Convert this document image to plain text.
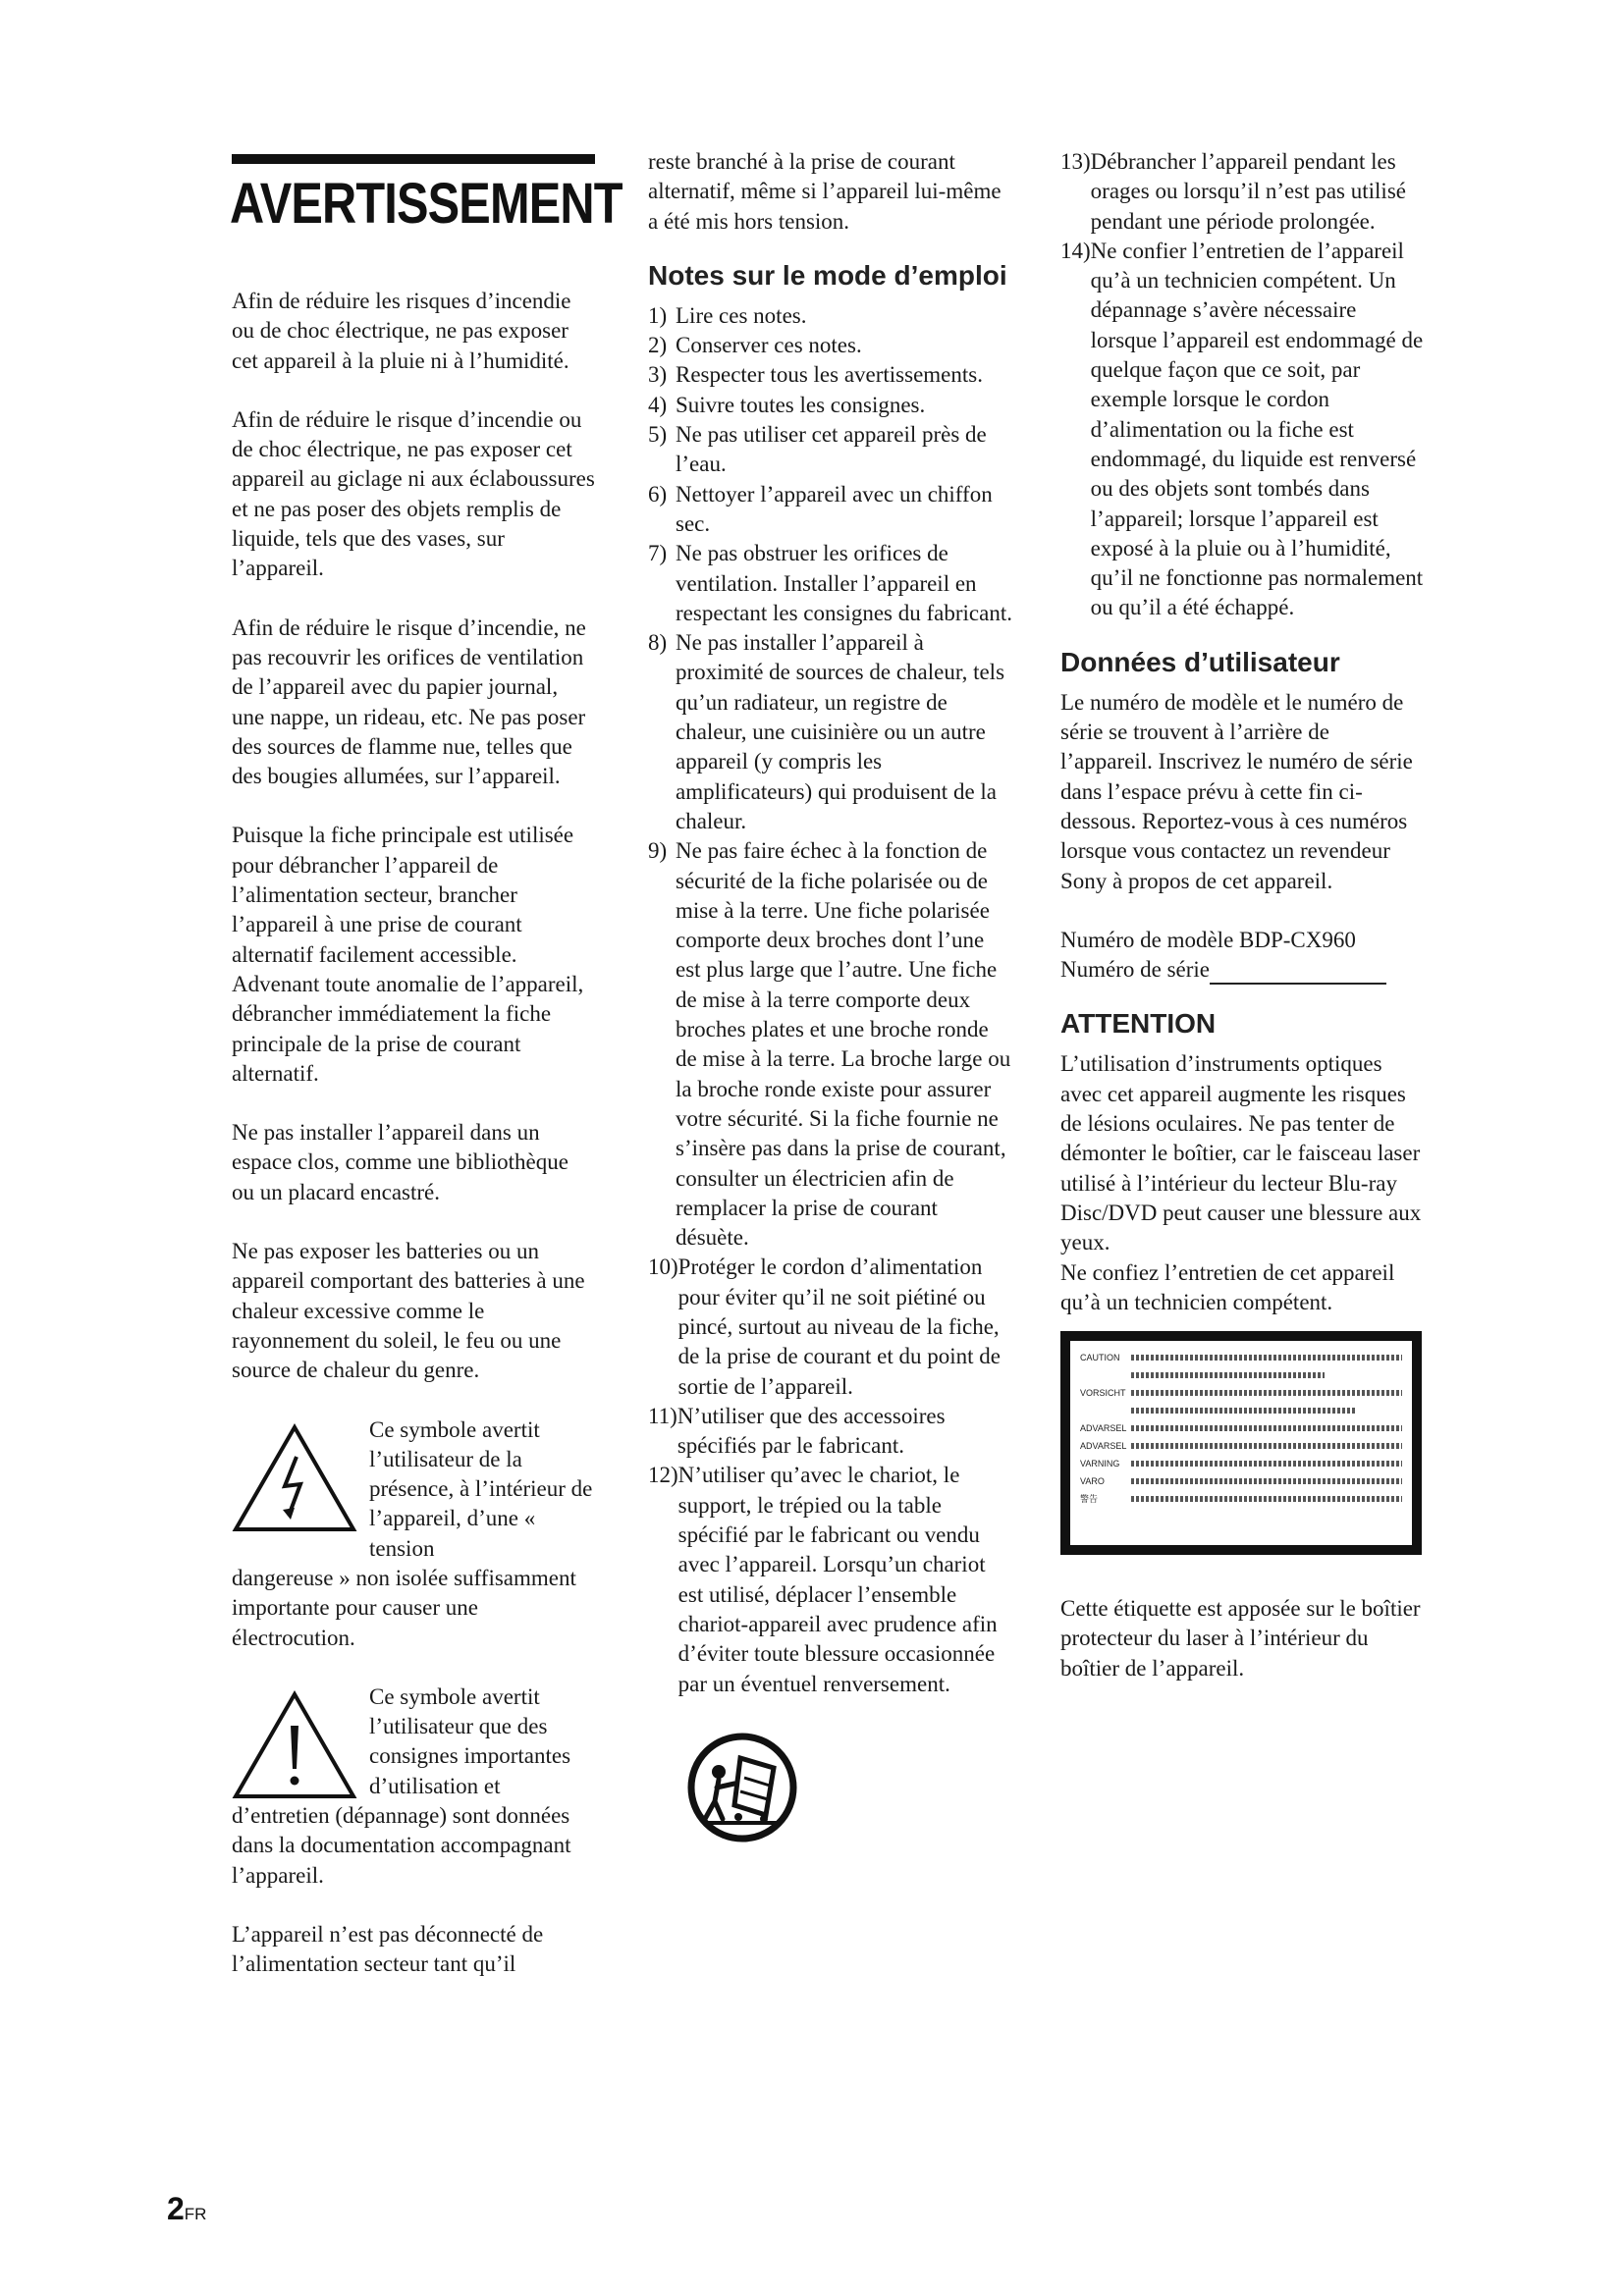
AVERTISSEMENT

Afin de réduire les risques d’incendie ou de choc électrique, ne pas exposer cet appareil à la pluie ni à l’humidité.

Afin de réduire le risque d’incendie ou de choc électrique, ne pas exposer cet appareil au giclage ni aux éclaboussures et ne pas poser des objets remplis de liquide, tels que des vases, sur l’appareil.

Afin de réduire le risque d’incendie, ne pas recouvrir les orifices de ventilation de l’appareil avec du papier journal, une nappe, un rideau, etc. Ne pas poser des sources de flamme nue, telles que des bougies allumées, sur l’appareil.

Puisque la fiche principale est utilisée pour débrancher l’appareil de l’alimentation secteur, brancher l’appareil à une prise de courant alternatif facilement accessible. Advenant toute anomalie de l’appareil, débrancher immédiatement la fiche principale de la prise de courant alternatif.

Ne pas installer l’appareil dans un espace clos, comme une bibliothèque ou un placard encastré.

Ne pas exposer les batteries ou un appareil comportant des batteries à une chaleur excessive comme le rayonnement du soleil, le feu ou une source de chaleur du genre.

Ce symbole avertit l’utilisateur de la présence, à l’intérieur de l’appareil, d’une « tension

dangereuse » non isolée suffisamment importante pour causer une électrocution.

Ce symbole avertit l’utilisateur que des consignes importantes d’utilisation et

d’entretien (dépannage) sont données dans la documentation accompagnant l’appareil.

L’appareil n’est pas déconnecté de l’alimentation secteur tant qu’il

reste branché à la prise de courant alternatif, même si l’appareil lui-même a été mis hors tension.

Notes sur le mode d’emploi
1) Lire ces notes.
2) Conserver ces notes.
3) Respecter tous les avertissements.
4) Suivre toutes les consignes.
5) Ne pas utiliser cet appareil près de l’eau.
6) Nettoyer l’appareil avec un chiffon sec.
7) Ne pas obstruer les orifices de ventilation. Installer l’appareil en respectant les consignes du fabricant.
8) Ne pas installer l’appareil à proximité de sources de chaleur, tels qu’un radiateur, un registre de chaleur, une cuisinière ou un autre appareil (y compris les amplificateurs) qui produisent de la chaleur.
9) Ne pas faire échec à la fonction de sécurité de la fiche polarisée ou de mise à la terre. Une fiche polarisée comporte deux broches dont l’une est plus large que l’autre. Une fiche de mise à la terre comporte deux broches plates et une broche ronde de mise à la terre. La broche large ou la broche ronde existe pour assurer votre sécurité. Si la fiche fournie ne s’insère pas dans la prise de courant, consulter un électricien afin de remplacer la prise de courant désuète.
10) Protéger le cordon d’alimentation pour éviter qu’il ne soit piétiné ou pincé, surtout au niveau de la fiche, de la prise de courant et du point de sortie de l’appareil.
11) N’utiliser que des accessoires spécifiés par le fabricant.
12) N’utiliser qu’avec le chariot, le support, le trépied ou la table spécifié par le fabricant ou vendu avec l’appareil. Lorsqu’un chariot est utilisé, déplacer l’ensemble chariot-appareil avec prudence afin d’éviter toute blessure occasionnée par un éventuel renversement.
13) Débrancher l’appareil pendant les orages ou lorsqu’il n’est pas utilisé pendant une période prolongée.
14) Ne confier l’entretien de l’appareil qu’à un technicien compétent. Un dépannage s’avère nécessaire lorsque l’appareil est endommagé de quelque façon que ce soit, par exemple lorsque le cordon d’alimentation ou la fiche est endommagé, du liquide est renversé ou des objets sont tombés dans l’appareil; lorsque l’appareil est exposé à la pluie ou à l’humidité, qu’il ne fonctionne pas normalement ou qu’il a été échappé.
Données d’utilisateur

Le numéro de modèle et le numéro de série se trouvent à l’arrière de l’appareil. Inscrivez le numéro de série dans l’espace prévu à cette fin ci-dessous. Reportez-vous à ces numéros lorsque vous contactez un revendeur Sony à propos de cet appareil.

Numéro de modèle BDP-CX960

Numéro de série

ATTENTION

L’utilisation d’instruments optiques avec cet appareil augmente les risques de lésions oculaires. Ne pas tenter de démonter le boîtier, car le faisceau laser utilisé à l’intérieur du lecteur Blu-ray Disc/DVD peut causer une blessure aux yeux.

Ne confiez l’entretien de cet appareil qu’à un technicien compétent.

CAUTION
VORSICHT
ADVARSEL
ADVARSEL
VARNING
VARO
警告

Cette étiquette est apposée sur le boîtier protecteur du laser à l’intérieur du boîtier de l’appareil.

2FR
